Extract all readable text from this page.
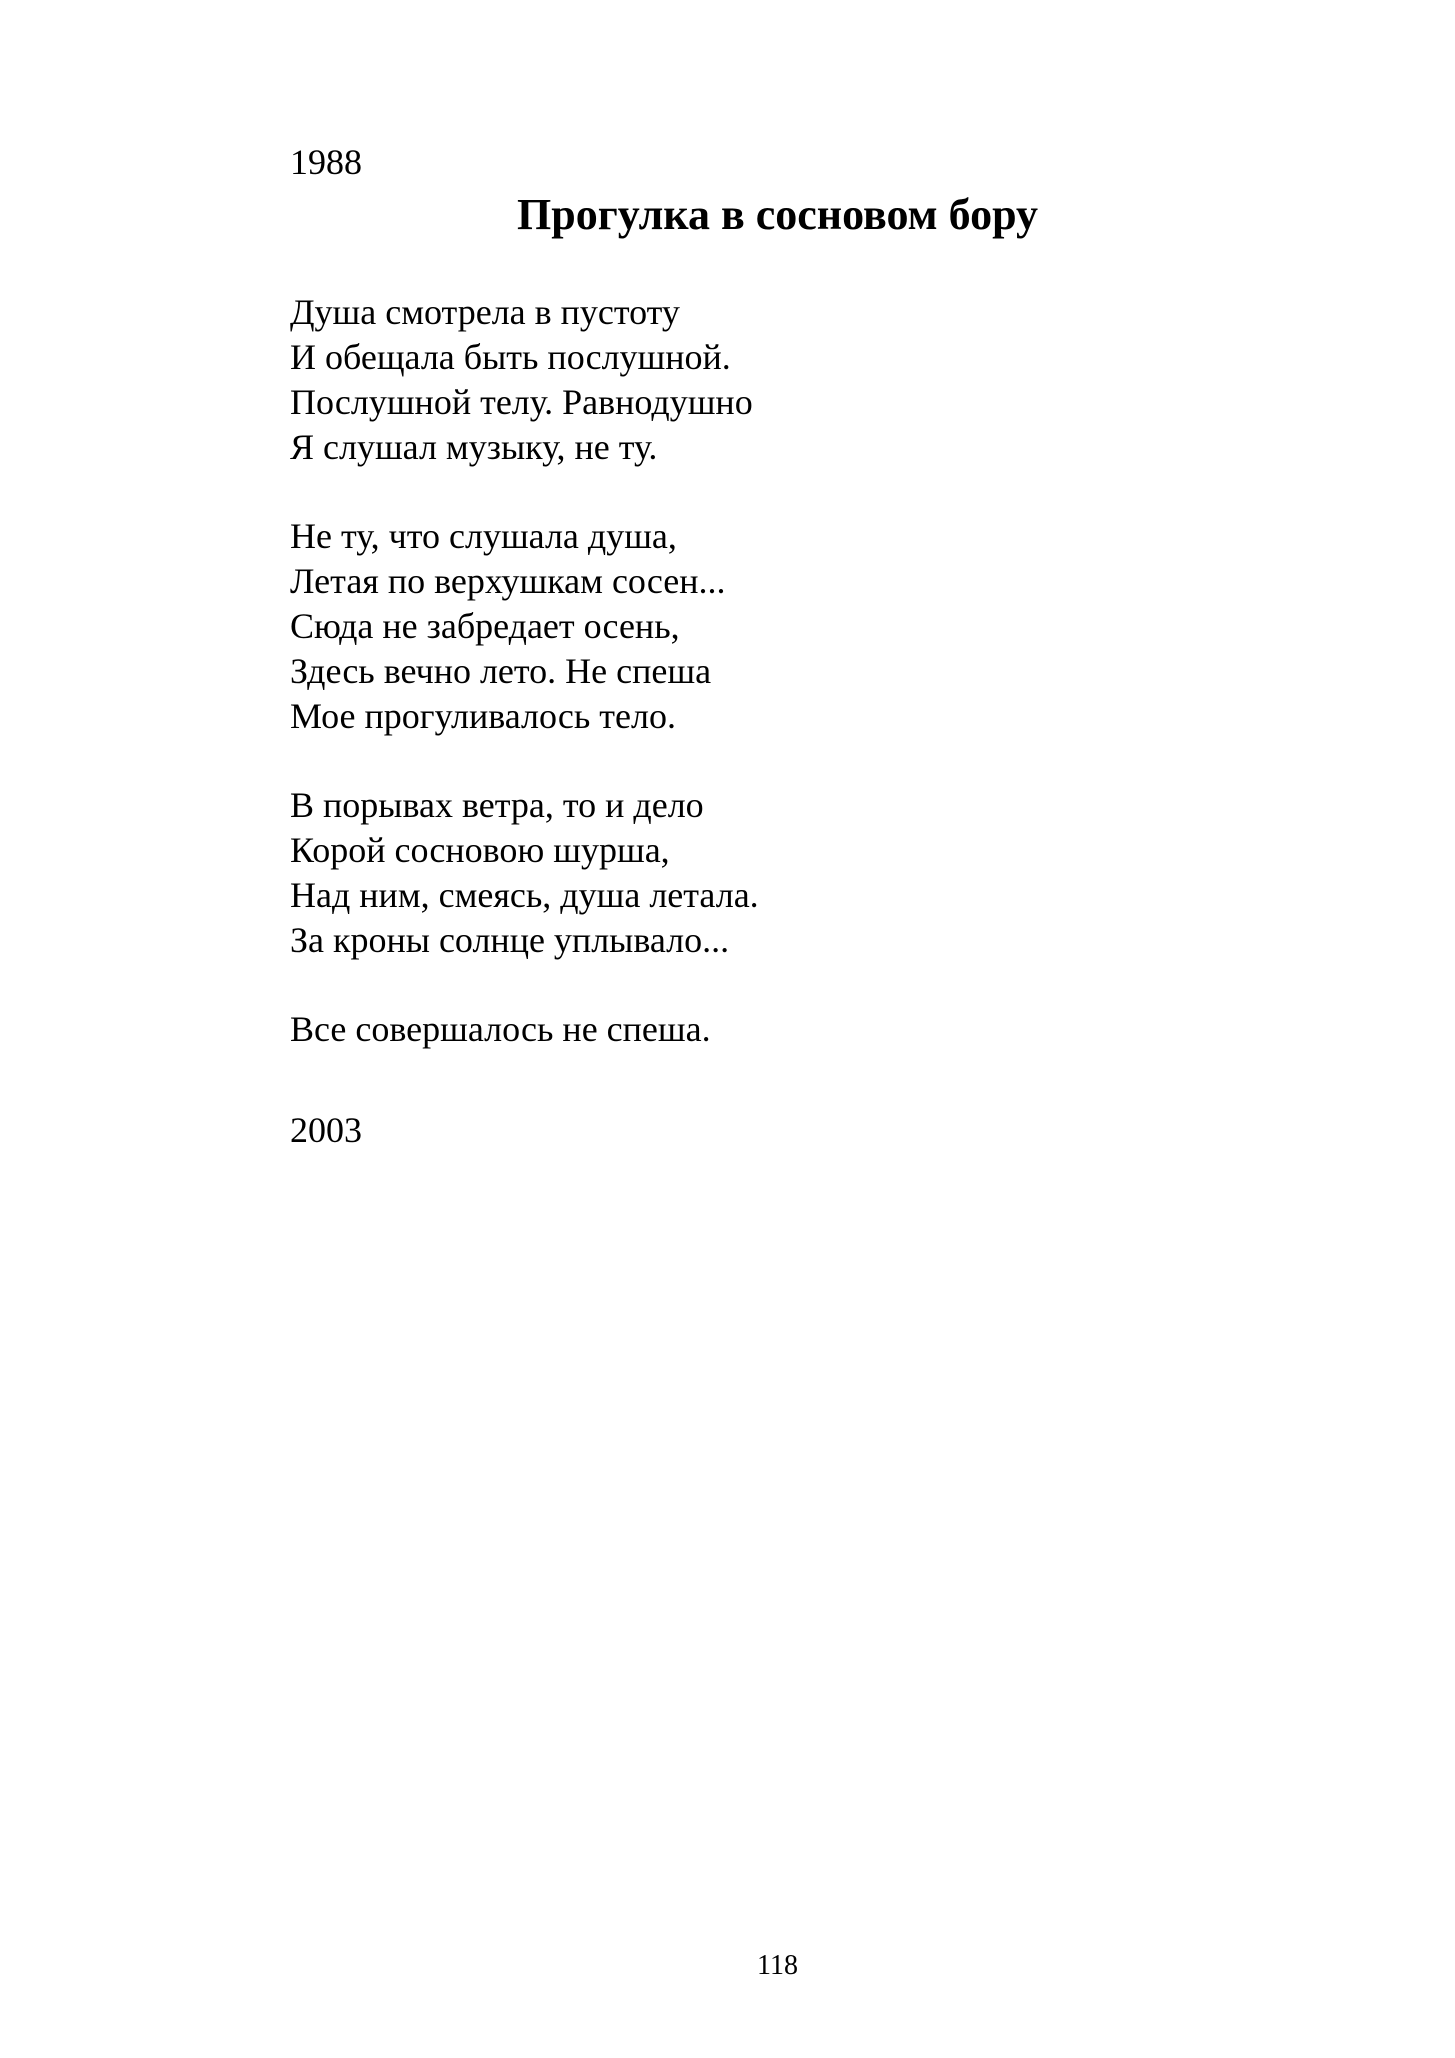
1988
Прогулка в сосновом бору
Душа смотрела в пустоту
И обещала быть послушной.
Послушной телу. Равнодушно
Я слушал музыку, не ту.
Не ту, что слушала душа,
Летая по верхушкам сосен...
Сюда не забредает осень,
Здесь вечно лето. Не спеша
Мое прогуливалось тело.
В порывах ветра, то и дело
Корой сосновою шурша,
Над ним, смеясь, душа летала.
За кроны солнце уплывало...
Все совершалось не спеша.
2003
118
